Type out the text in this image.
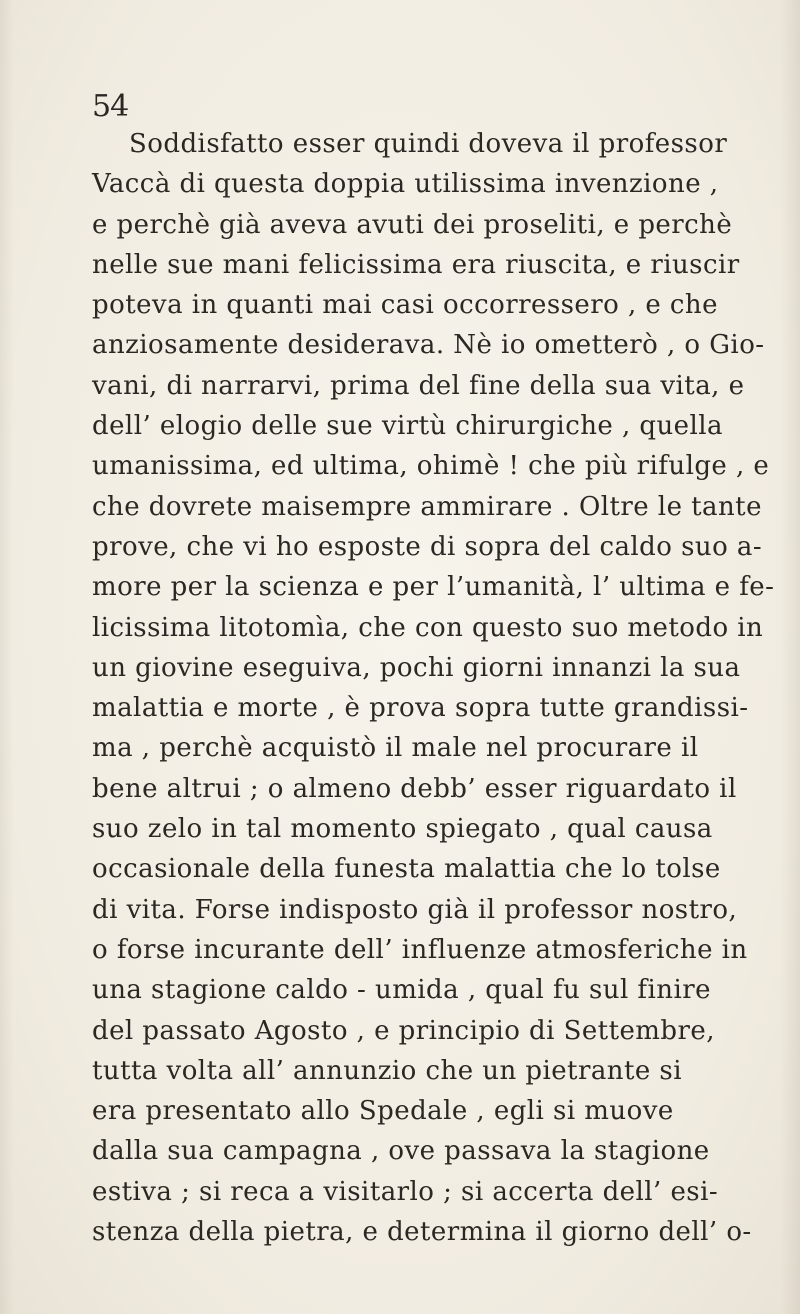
54
Soddisfatto esser quindi doveva il professor
Vaccà di questa doppia utilissima invenzione ,
e perchè già aveva avuti dei proseliti, e perchè
nelle sue mani felicissima era riuscita, e riuscir
poteva in quanti mai casi occorressero , e che
anziosamente desiderava. Nè io ometterò , o Gio-
vani, di narrarvi, prima del fine della sua vita, e
dell’ elogio delle sue virtù chirurgiche , quella
umanissima, ed ultima, ohimè ! che più rifulge , e
che dovrete maisempre ammirare . Oltre le tante
prove, che vi ho esposte di sopra del caldo suo a-
more per la scienza e per l’umanità, l’ ultima e fe-
licissima litotomìa, che con questo suo metodo in
un giovine eseguiva, pochi giorni innanzi la sua
malattia e morte , è prova sopra tutte grandissi-
ma , perchè acquistò il male nel procurare il
bene altrui ; o almeno debb’ esser riguardato il
suo zelo in tal momento spiegato , qual causa
occasionale della funesta malattia che lo tolse
di vita. Forse indisposto già il professor nostro,
o forse incurante dell’ influenze atmosferiche in
una stagione caldo - umida , qual fu sul finire
del passato Agosto , e principio di Settembre,
tutta volta all’ annunzio che un pietrante si
era presentato allo Spedale , egli si muove
dalla sua campagna , ove passava la stagione
estiva ; si reca a visitarlo ; si accerta dell’ esi-
stenza della pietra, e determina il giorno dell’ o-
